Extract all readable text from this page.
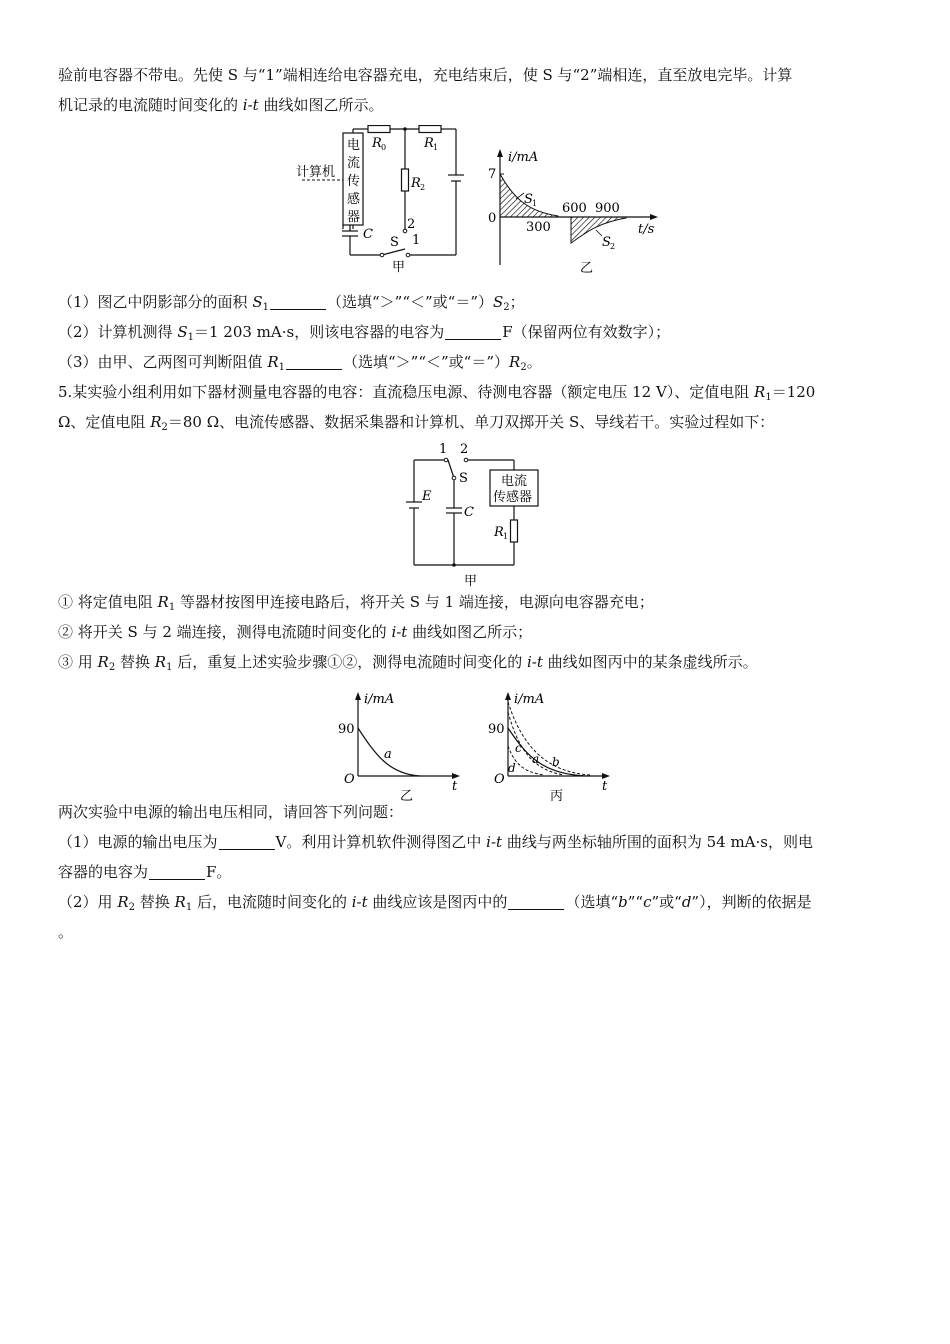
验前电容器不带电。先使 S 与“1”端相连给电容器充电，充电结束后，使 S 与“2”端相连，直至放电完毕。计算

机记录的电流随时间变化的 i-t 曲线如图乙所示。

（1）图乙中阴影部分的面积 $S_1$	（选填“＞”“＜”或“$=”)S_2$；

（2）计算机测得 $S_1=1$ 203 mA·s，则该电容器的电容为	F（保留两位有效数字）；

（3）由甲、乙两图可判断阻值 $R_1$	（选填“＞”“＜”或“$=”)R_2$。

5.某实验小组利用如下器材测量电容器的电容：直流稳压电源、待测电容器（额定电压 12 V）、定值电阻 $R_1=120$

Ω、定值电阻 $R_2=80$ Ω、电流传感器、数据采集器和计算机、单刀双掷开关 S、导线若干。实验过程如下：

① 将定值电阻 $R_1$ 等器材按图甲连接电路后，将开关 S 与 1 端连接，电源向电容器充电；

② 将开关 S 与 2 端连接，测得电流随时间变化的 i-t 曲线如图乙所示；

③ 用 $R_2$ 替换 $R_1$ 后，重复上述实验步骤①②，测得电流随时间变化的 i-t 曲线如图丙中的某条虚线所示。

两次实验中电源的输出电压相同，请回答下列问题：

（1）电源的输出电压为	V。利用计算机软件测得图乙中 i-t 曲线与两坐标轴所围的面积为 54 mA·s，则电

容器的电容为	F。

（2）用 $R_2$ 替换 $R_1$ 后，电流随时间变化的 i-t 曲线应该是图丙中的	（选填“b”“c”或“d”），判断的依据是

。

计算机
电
流
传
感
器
R 0	R 1
R 2
C
S
2
1
甲
i/mA
7
0
S 1
300
600 900
S 2
t/s
乙
1 2
S
E
C
电流
传感器
R 1
甲
i/mA
90
a
O	t
乙
i/mA
90
c
a b
d
O	t
丙
